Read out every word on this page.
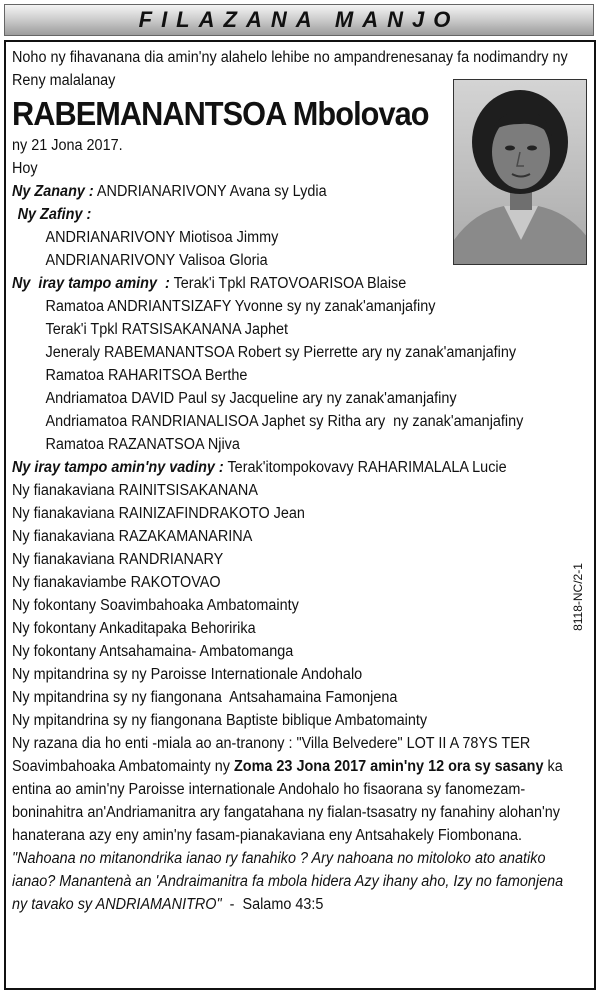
FILAZANA MANJO
Noho ny fihavanana dia amin'ny alahelo lehibe no ampandrenesanay fa nodimandry ny Reny malalanay
RABEMANANTSOA Mbolovao
ny 21 Jona 2017.
Hoy
Ny Zanany : ANDRIANARIVONY Avana sy Lydia
Ny Zafiny :
ANDRIANARIVONY Miotisoa Jimmy
ANDRIANARIVONY Valisoa Gloria
Ny  iray tampo aminy  : Terak'i Tpkl RATOVOARISOA Blaise
Ramatoa ANDRIANTSIZAFY Yvonne sy ny zanak'amanjafiny
Terak'i Tpkl RATSISAKANANA Japhet
Jeneraly RABEMANANTSOA Robert sy Pierrette ary ny zanak'amanjafiny
Ramatoa RAHARITSOA Berthe
Andriamatoa DAVID Paul sy Jacqueline ary ny zanak'amanjafiny
Andriamatoa RANDRIANALISOA Japhet sy Ritha ary  ny zanak'amanjafiny
Ramatoa RAZANATSOA Njiva
Ny iray tampo amin'ny vadiny : Terak'itompokovavy RAHARIMALALA Lucie
Ny fianakaviana RAINITSISAKANANA
Ny fianakaviana RAINIZAFINDRAKOTO Jean
Ny fianakaviana RAZAKAMANARINA
Ny fianakaviana RANDRIANARY
Ny fianakaviambe RAKOTOVAO
Ny fokontany Soavimbahoaka Ambatomainty
Ny fokontany Ankaditapaka Behoririka
Ny fokontany Antsahamaina- Ambatomanga
Ny mpitandrina sy ny Paroisse Internationale Andohalo
Ny mpitandrina sy ny fiangonana  Antsahamaina Famonjena
Ny mpitandrina sy ny fiangonana Baptiste biblique Ambatomainty
Ny razana dia ho enti -miala ao an-tranony : "Villa Belvedere" LOT II A 78YS TER Soavimbahoaka Ambatomainty ny Zoma 23 Jona 2017 amin'ny 12 ora sy sasany ka entina ao amin'ny Paroisse internationale Andohalo ho fisaorana sy fanomezam-boninahitra an'Andriamanitra ary fangatahana ny fialan-tsasatry ny fanahiny alohan'ny hanaterana azy eny amin'ny fasam-pianakaviana eny Antsahakely Fiombonana.
"Nahoana no mitanondrika ianao ry fanahiko ? Ary nahoana no mitoloko ato anatiko ianao? Manantenà an 'Andraimanitra fa mbola hidera Azy ihany aho, Izy no famonjena ny tavako sy ANDRIAMANITRO"  -  Salamo 43:5
8118-NC/2-1
